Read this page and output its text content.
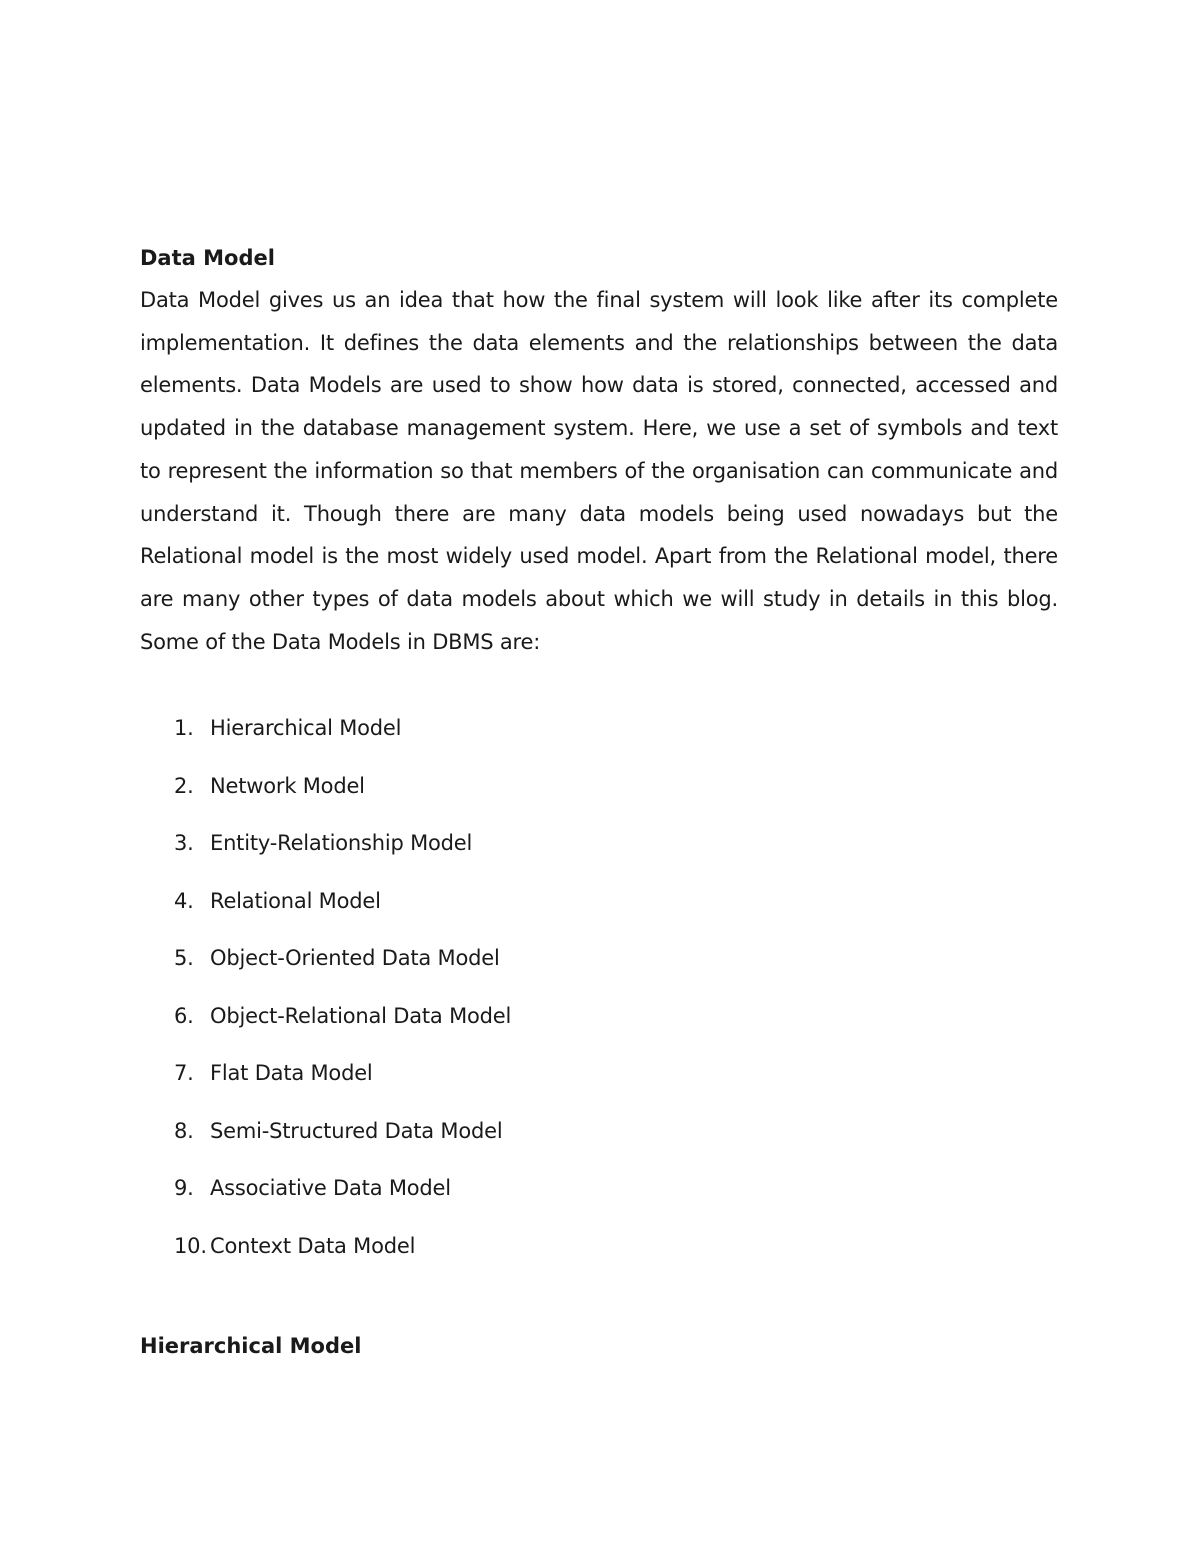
Data Model

Data Model gives us an idea that how the final system will look like after its complete implementation. It defines the data elements and the relationships between the data elements. Data Models are used to show how data is stored, connected, accessed and updated in the database management system. Here, we use a set of symbols and text to represent the information so that members of the organisation can communicate and understand it. Though there are many data models being used nowadays but the Relational model is the most widely used model. Apart from the Relational model, there are many other types of data models about which we will study in details in this blog. Some of the Data Models in DBMS are:

1. Hierarchical Model
2. Network Model
3. Entity-Relationship Model
4. Relational Model
5. Object-Oriented Data Model
6. Object-Relational Data Model
7. Flat Data Model
8. Semi-Structured Data Model
9. Associative Data Model
10. Context Data Model
Hierarchical Model
